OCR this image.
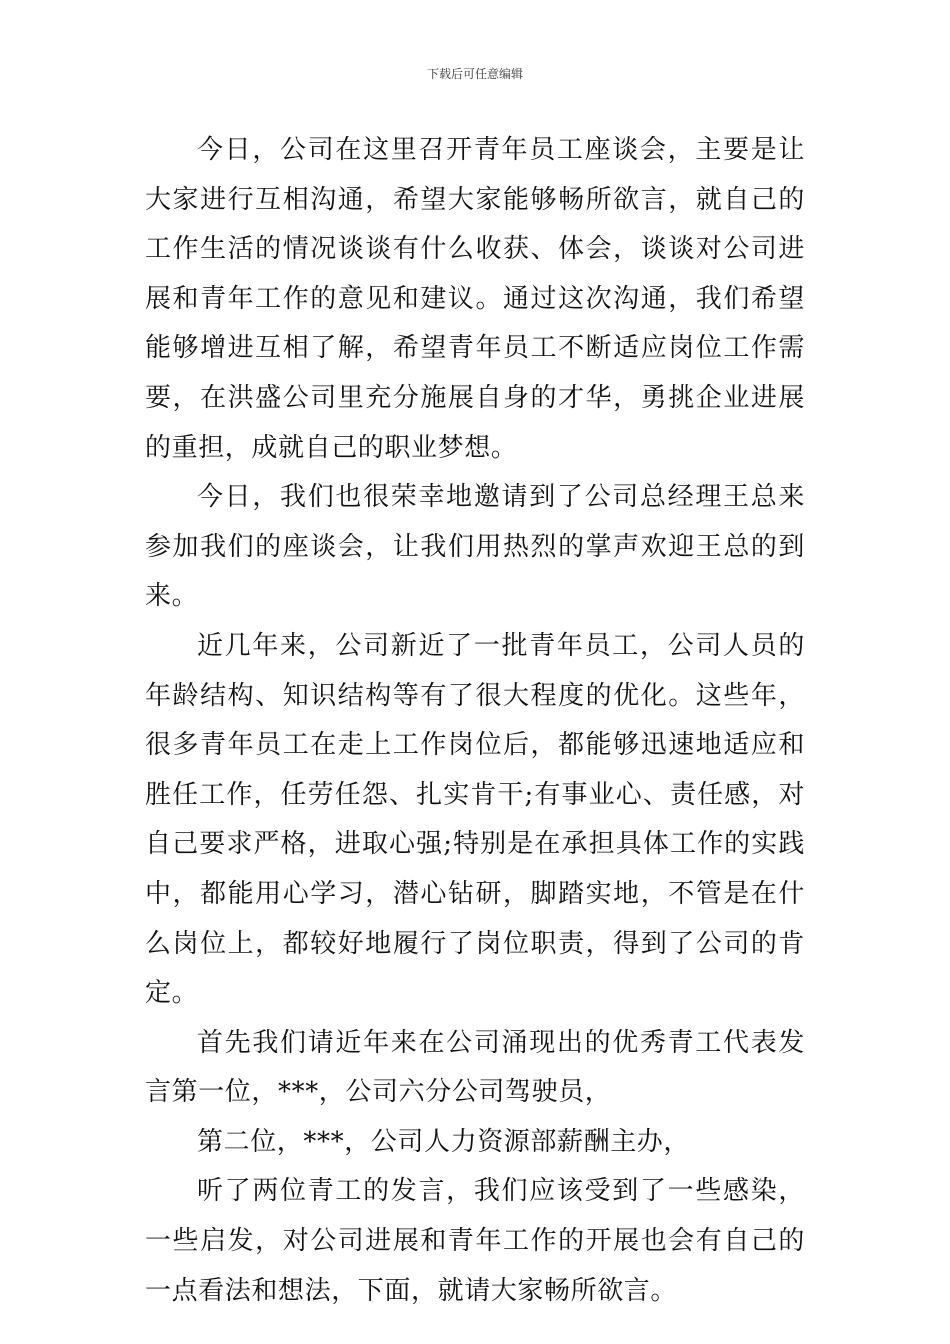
下载后可任意编辑

今日，公司在这里召开青年员工座谈会，主要是让大家进行互相沟通，希望大家能够畅所欲言，就自己的工作生活的情况谈谈有什么收获、体会，谈谈对公司进展和青年工作的意见和建议。通过这次沟通，我们希望能够增进互相了解，希望青年员工不断适应岗位工作需要，在洪盛公司里充分施展自身的才华，勇挑企业进展的重担，成就自己的职业梦想。

今日，我们也很荣幸地邀请到了公司总经理王总来参加我们的座谈会，让我们用热烈的掌声欢迎王总的到来。

近几年来，公司新近了一批青年员工，公司人员的年龄结构、知识结构等有了很大程度的优化。这些年，很多青年员工在走上工作岗位后，都能够迅速地适应和胜任工作，任劳任怨、扎实肯干;有事业心、责任感，对自己要求严格，进取心强;特别是在承担具体工作的实践中，都能用心学习，潜心钻研，脚踏实地，不管是在什么岗位上，都较好地履行了岗位职责，得到了公司的肯定。

首先我们请近年来在公司涌现出的优秀青工代表发言第一位，***，公司六分公司驾驶员，

第二位，***，公司人力资源部薪酬主办，

听了两位青工的发言，我们应该受到了一些感染，一些启发，对公司进展和青年工作的开展也会有自己的一点看法和想法，下面，就请大家畅所欲言。
